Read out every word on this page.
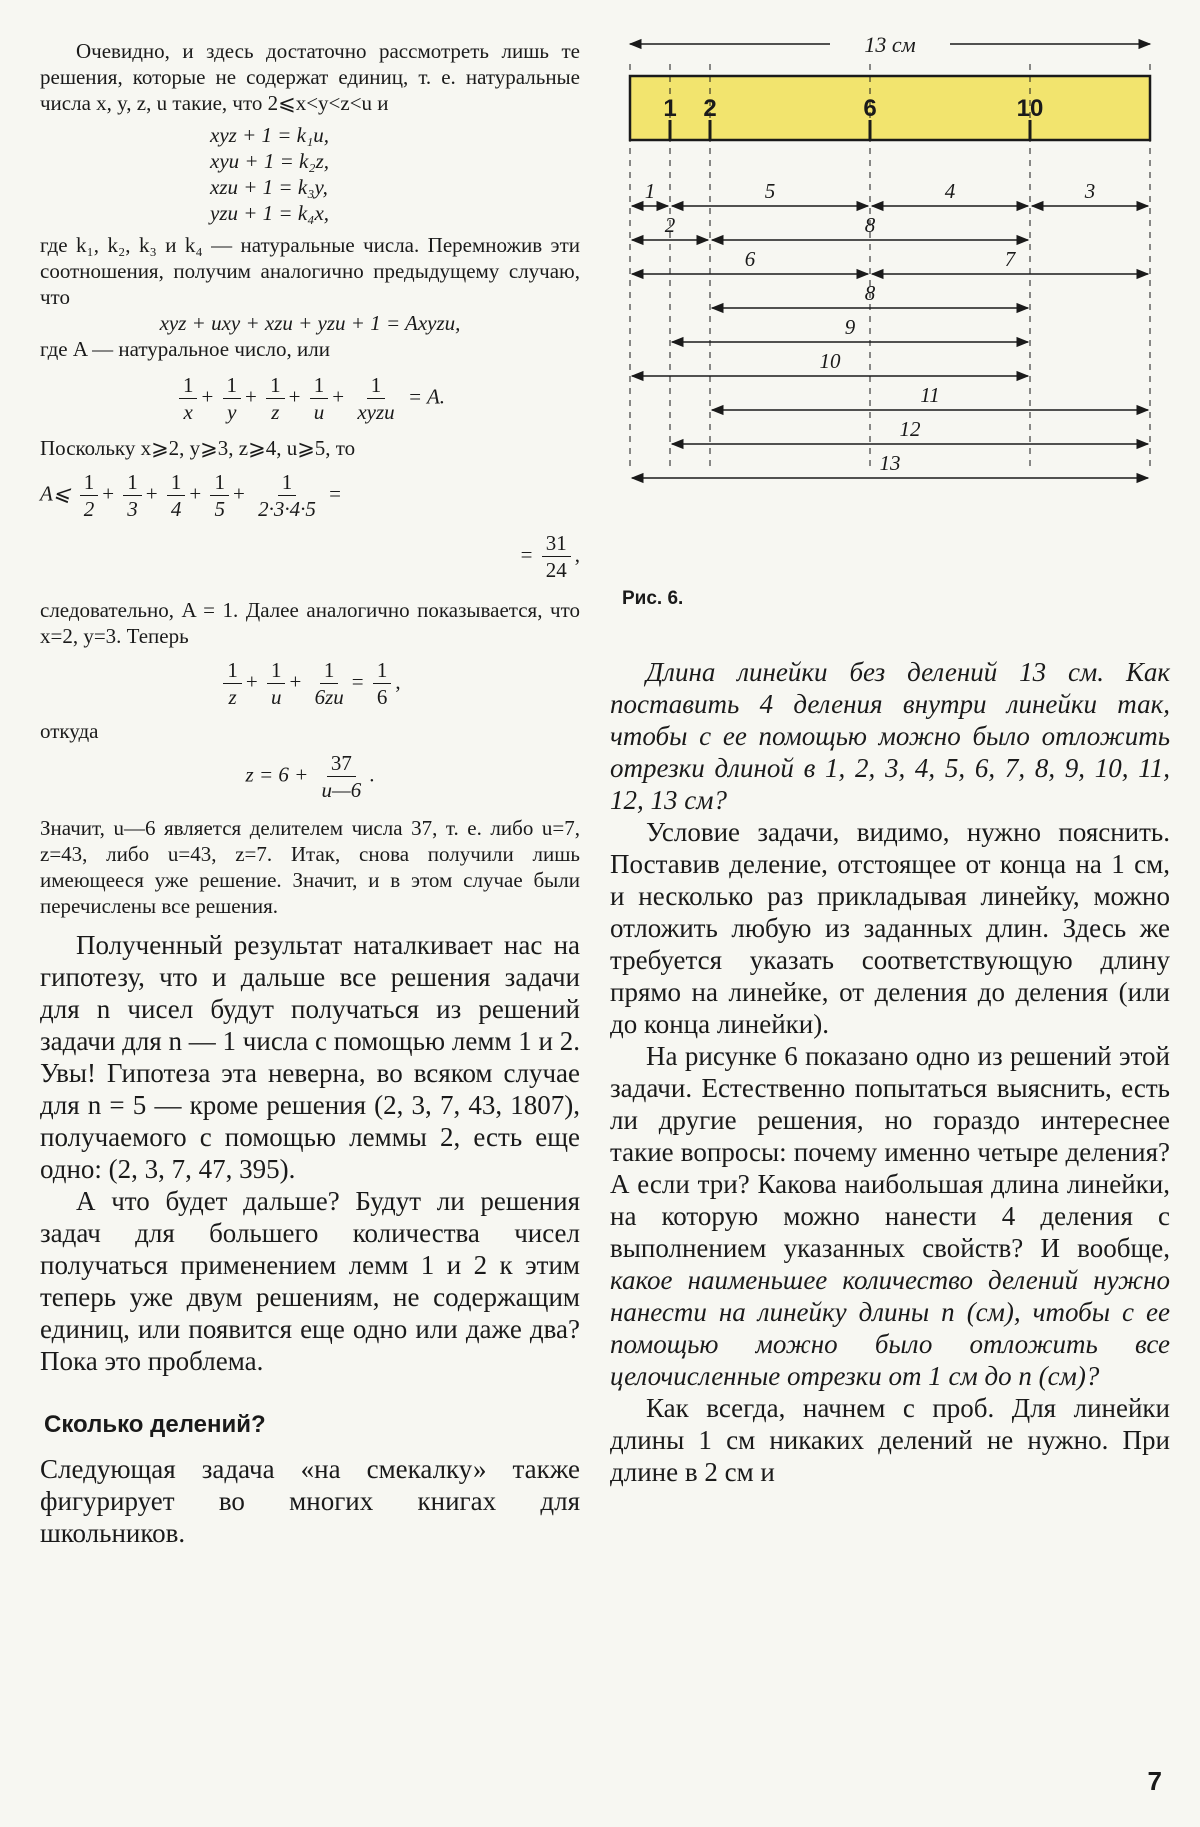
Очевидно, и здесь достаточно рассмотреть лишь те решения, которые не содержат единиц, т. е. натуральные числа x, y, z, u такие, что 2⩽x<y<z<u и

xyz + 1 = k₁u,
xyu + 1 = k₂z,
xzu + 1 = k₃y,
yzu + 1 = k₄x,

где k₁, k₂, k₃ и k₄ — натуральные числа. Перемножив эти соотношения, получим аналогично предыдущему случаю, что

xyz + uxy + xzu + yzu + 1 = Axyzu,

где A — натуральное число, или

$\frac{1}{x} + \frac{1}{y} + \frac{1}{z} + \frac{1}{u} + \frac{1}{\text{xyzu}} = A$.

Поскольку x⩾2, y⩾3, z⩾4, u⩾5, то

A⩽ $\frac{1}{2} + \frac{1}{3} + \frac{1}{4} + \frac{1}{5} + \frac{1}{2\cdot 3\cdot 4\cdot 5}$ =
= $\frac{31}{24}$ ,

следовательно, A = 1. Далее аналогично показывается, что x=2, y=3. Теперь

$\frac{1}{z} + \frac{1}{u} + \frac{1}{6zu} = \frac{1}{6}$ ,

откуда

$z = 6 + \frac{37}{u—6}$ .

Значит, u—6 является делителем числа 37, т. е. либо u=7, z=43, либо u=43, z=7. Итак, снова получили лишь имеющееся уже решение. Значит, и в этом случае были перечислены все решения.

Полученный результат наталкивает нас на гипотезу, что и дальше все решения задачи для n чисел будут получаться из решений задачи для n — 1 числа с помощью лемм 1 и 2. Увы! Гипотеза эта неверна, во всяком случае для n = 5 — кроме решения (2, 3, 7, 43, 1807), получаемого с помощью леммы 2, есть еще одно: (2, 3, 7, 47, 395).

А что будет дальше? Будут ли решения задач для большего количества чисел получаться применением лемм 1 и 2 к этим теперь уже двум решениям, не содержащим единиц, или появится еще одно или даже два? Пока это проблема.

Сколько делений?

Следующая задача «на смекалку» также фигурирует во многих книгах для школьников.

1 2	6	10
1	5	4	3
2	8
6	7
8
9
10
11
12
13
13 см
Рис. 6.

Длина линейки без делений 13 см. Как поставить 4 деления внутри линейки так, чтобы с ее помощью можно было отложить отрезки длиной в 1, 2, 3, 4, 5, 6, 7, 8, 9, 10, 11, 12, 13 см?

Условие задачи, видимо, нужно пояснить. Поставив деление, отстоящее от конца на 1 см, и несколько раз прикладывая линейку, можно отложить любую из заданных длин. Здесь же требуется указать соответствующую длину прямо на линейке, от деления до деления (или до конца линейки).

На рисунке 6 показано одно из решений этой задачи. Естественно попытаться выяснить, есть ли другие решения, но гораздо интереснее такие вопросы: почему именно четыре деления? А если три? Какова наибольшая длина линейки, на которую можно нанести 4 деления с выполнением указанных свойств? И вообще, какое наименьшее количество делений нужно нанести на линейку длины n (см), чтобы с ее помощью можно было отложить все целочисленные отрезки от 1 см до n (см)?

Как всегда, начнем с проб. Для линейки длины 1 см никаких делений не нужно. При длине в 2 см и

7
